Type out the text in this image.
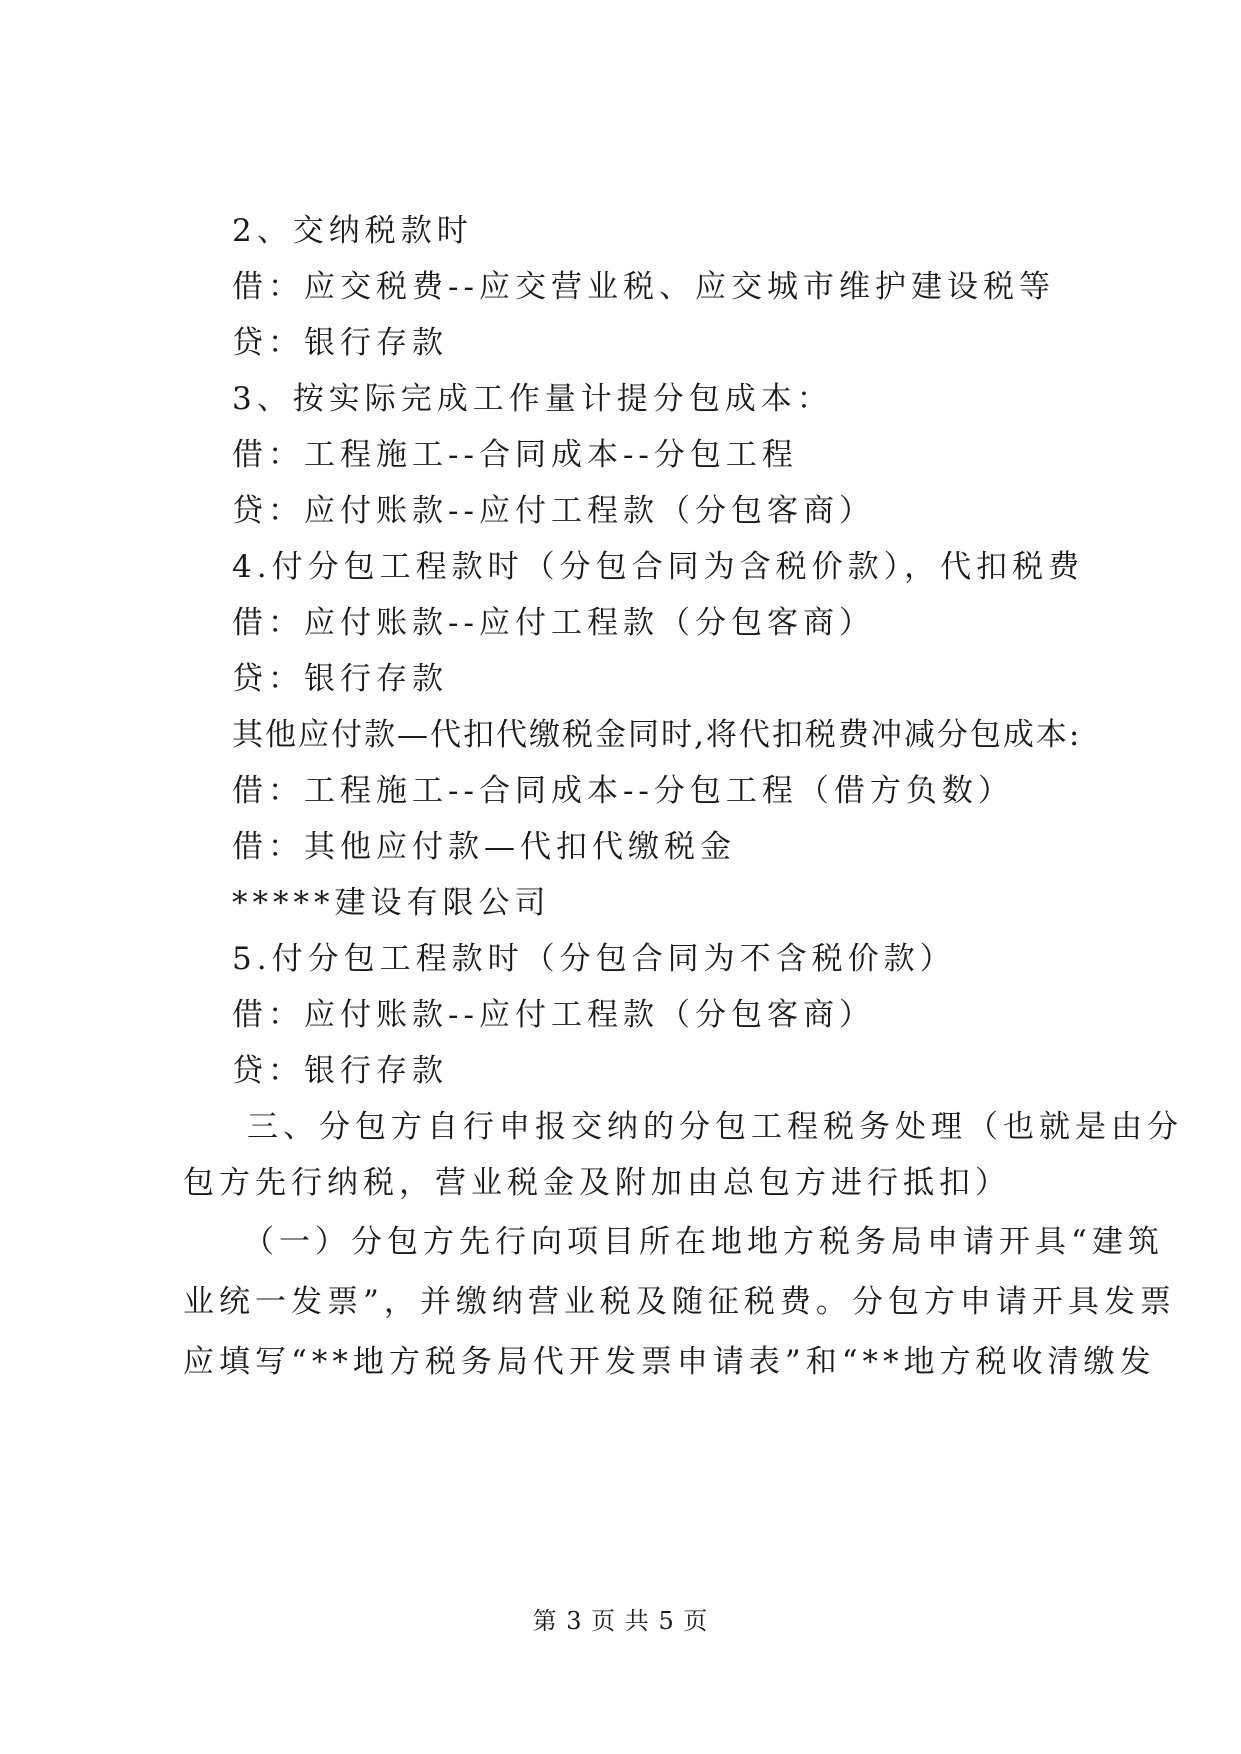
2、交纳税款时
借：应交税费--应交营业税、应交城市维护建设税等
贷：银行存款
3、按实际完成工作量计提分包成本：
借：工程施工--合同成本--分包工程
贷：应付账款--应付工程款（分包客商）
4.付分包工程款时（分包合同为含税价款），代扣税费
借：应付账款--应付工程款（分包客商）
贷：银行存款
其他应付款—代扣代缴税金同时,将代扣税费冲减分包成本:
借：工程施工--合同成本--分包工程（借方负数）
借：其他应付款—代扣代缴税金
*****建设有限公司
5.付分包工程款时（分包合同为不含税价款）
借：应付账款--应付工程款（分包客商）
贷：银行存款
三、分包方自行申报交纳的分包工程税务处理（也就是由分
包方先行纳税，营业税金及附加由总包方进行抵扣）
（一）分包方先行向项目所在地地方税务局申请开具“建筑
业统一发票”，并缴纳营业税及随征税费。分包方申请开具发票
应填写“**地方税务局代开发票申请表”和“**地方税收清缴发
第 3 页 共 5 页
